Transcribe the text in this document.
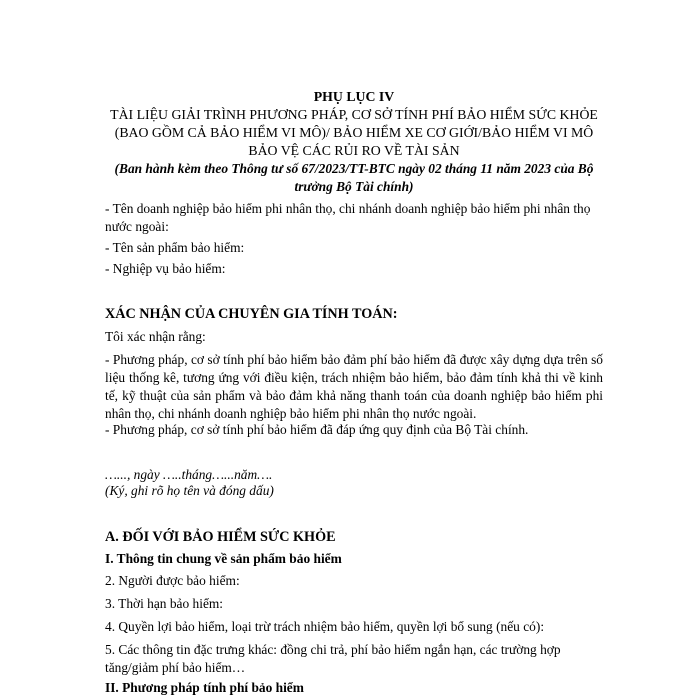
PHỤ LỤC IV
TÀI LIỆU GIẢI TRÌNH PHƯƠNG PHÁP, CƠ SỞ TÍNH PHÍ BẢO HIỂM SỨC KHỎE (BAO GỒM CẢ BẢO HIỂM VI MÔ)/ BẢO HIỂM XE CƠ GIỚI/BẢO HIỂM VI MÔ BẢO VỆ CÁC RỦI RO VỀ TÀI SẢN
(Ban hành kèm theo Thông tư số 67/2023/TT-BTC ngày 02 tháng 11 năm 2023 của Bộ trưởng Bộ Tài chính)
- Tên doanh nghiệp bảo hiểm phi nhân thọ, chi nhánh doanh nghiệp bảo hiểm phi nhân thọ nước ngoài:
- Tên sản phẩm bảo hiểm:
- Nghiệp vụ bảo hiểm:
XÁC NHẬN CỦA CHUYÊN GIA TÍNH TOÁN:
Tôi xác nhận rằng:
- Phương pháp, cơ sở tính phí bảo hiểm bảo đảm phí bảo hiểm đã được xây dựng dựa trên số liệu thống kê, tương ứng với điều kiện, trách nhiệm bảo hiểm, bảo đảm tính khả thi về kinh tế, kỹ thuật của sản phẩm và bảo đảm khả năng thanh toán của doanh nghiệp bảo hiểm phi nhân thọ, chi nhánh doanh nghiệp bảo hiểm phi nhân thọ nước ngoài.
- Phương pháp, cơ sở tính phí bảo hiểm đã đáp ứng quy định của Bộ Tài chính.
…..., ngày …..tháng…...năm….
(Ký, ghi rõ họ tên và đóng dấu)
A. ĐỐI VỚI BẢO HIỂM SỨC KHỎE
I. Thông tin chung về sản phẩm bảo hiểm
2. Người được bảo hiểm:
3. Thời hạn bảo hiểm:
4. Quyền lợi bảo hiểm, loại trừ trách nhiệm bảo hiểm, quyền lợi bổ sung (nếu có):
5. Các thông tin đặc trưng khác: đồng chi trả, phí bảo hiểm ngắn hạn, các trường hợp tăng/giảm phí bảo hiểm…
II. Phương pháp tính phí bảo hiểm
